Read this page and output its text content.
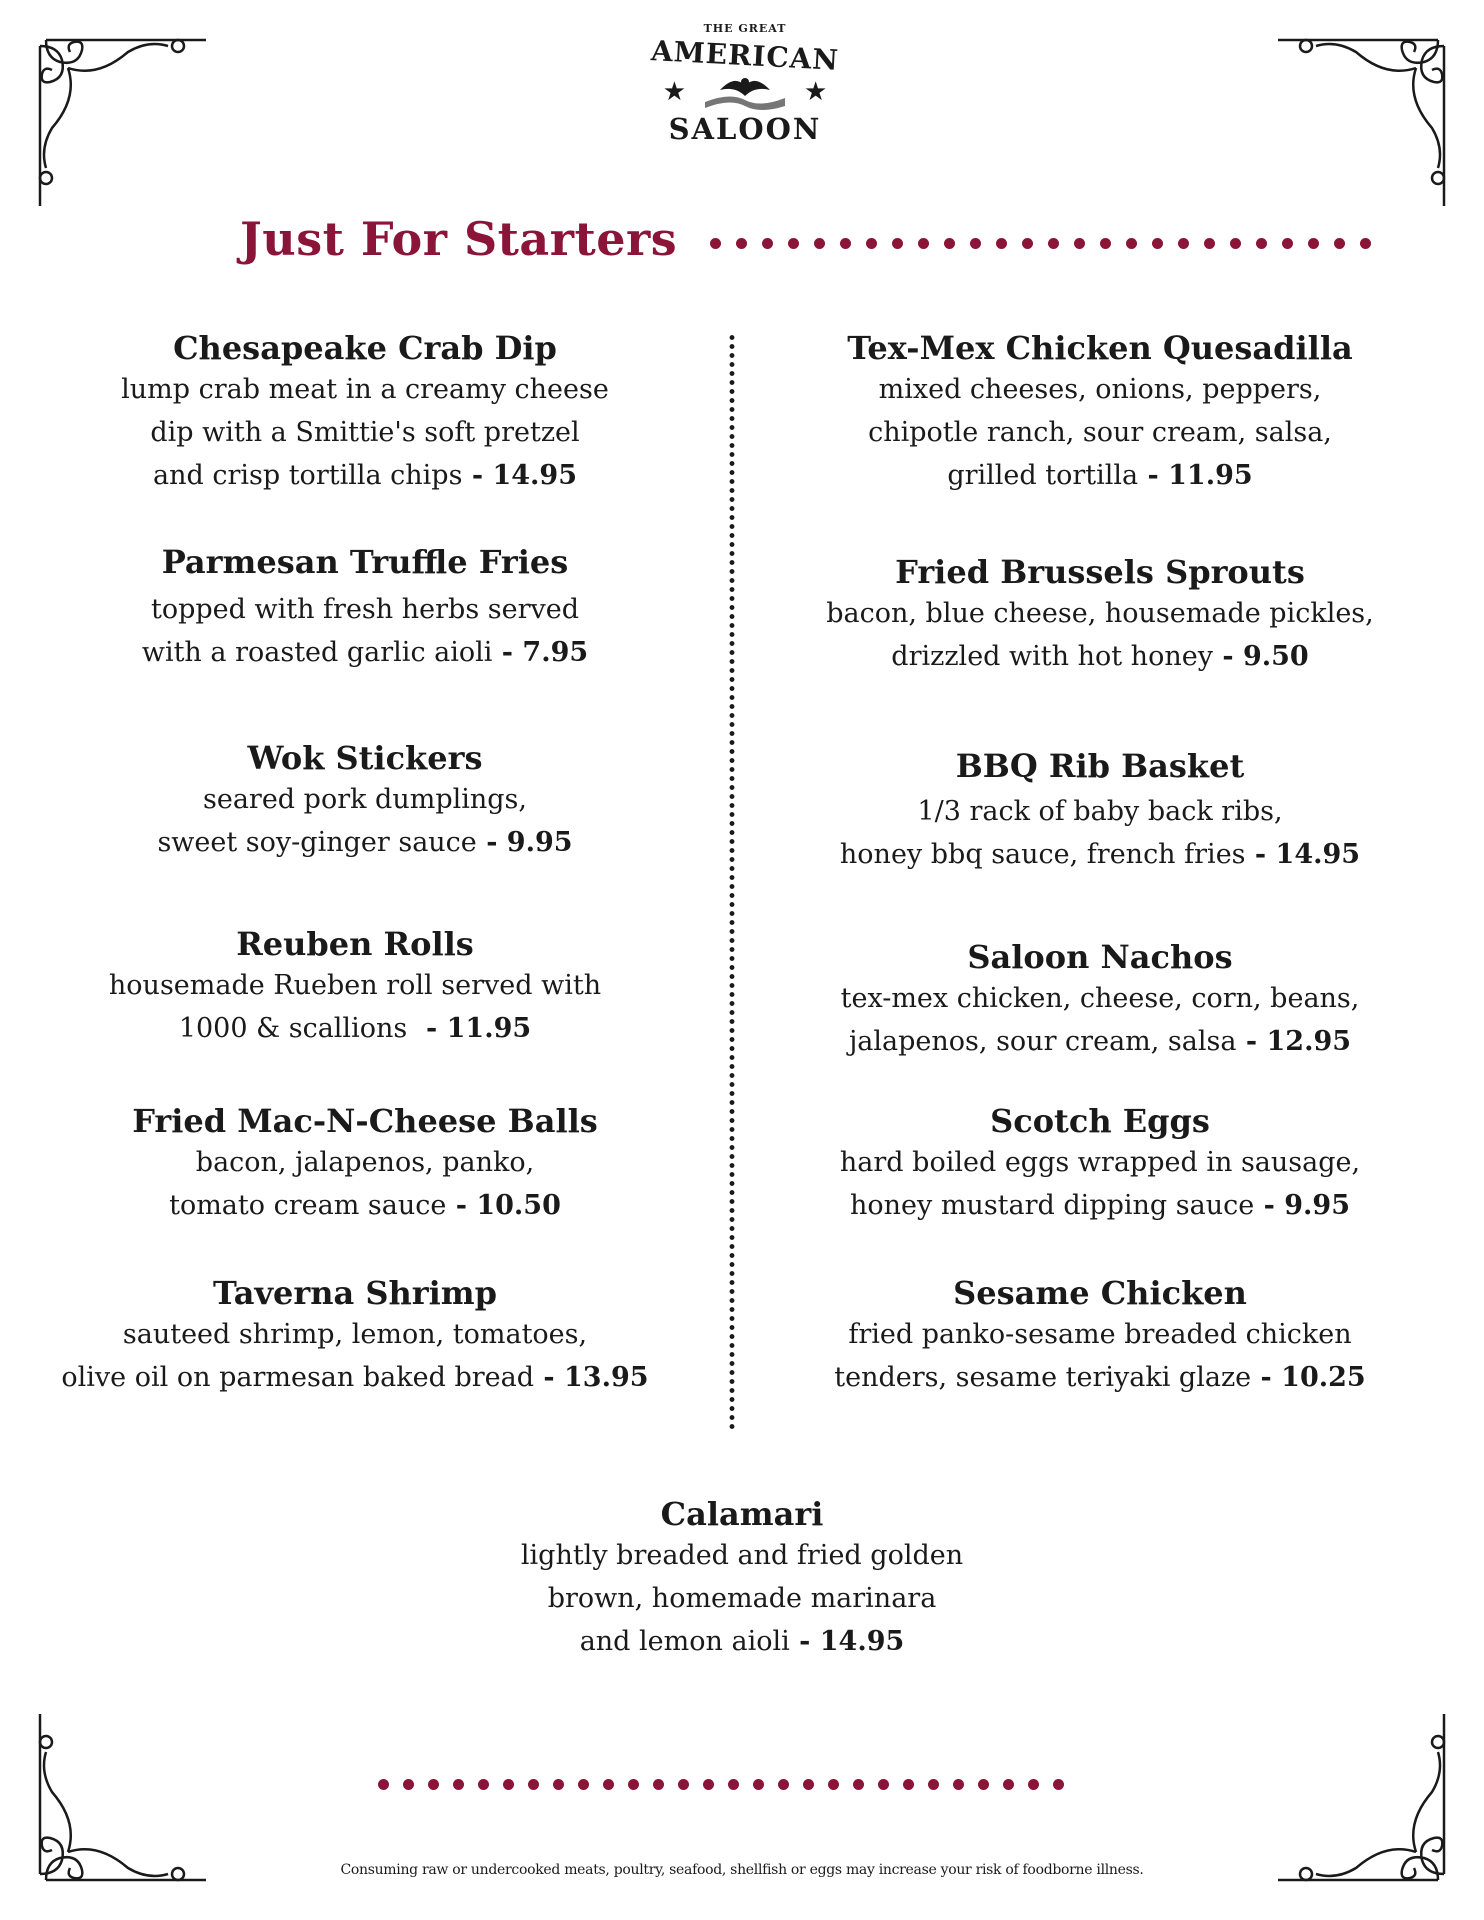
THE GREAT
AMERICAN
★	★
SALOON
Just For Starters
Chesapeake Crab Dip
lump crab meat in a creamy cheese
dip with a Smittie's soft pretzel
and crisp tortilla chips - 14.95
Parmesan Truffle Fries
topped with fresh herbs served
with a roasted garlic aioli - 7.95
Wok Stickers
seared pork dumplings,
sweet soy-ginger sauce - 9.95
Reuben Rolls
housemade Rueben roll served with
1000 & scallions  - 11.95
Fried Mac-N-Cheese Balls
bacon, jalapenos, panko,
tomato cream sauce - 10.50
Taverna Shrimp
sauteed shrimp, lemon, tomatoes,
olive oil on parmesan baked bread - 13.95
Tex-Mex Chicken Quesadilla
mixed cheeses, onions, peppers,
chipotle ranch, sour cream, salsa,
grilled tortilla - 11.95
Fried Brussels Sprouts
bacon, blue cheese, housemade pickles,
drizzled with hot honey - 9.50
BBQ Rib Basket
1/3 rack of baby back ribs,
honey bbq sauce, french fries - 14.95
Saloon Nachos
tex-mex chicken, cheese, corn, beans,
jalapenos, sour cream, salsa - 12.95
Scotch Eggs
hard boiled eggs wrapped in sausage,
honey mustard dipping sauce - 9.95
Sesame Chicken
fried panko-sesame breaded chicken
tenders, sesame teriyaki glaze - 10.25
Calamari
lightly breaded and fried golden
brown, homemade marinara
and lemon aioli - 14.95
Consuming raw or undercooked meats, poultry, seafood, shellfish or eggs may increase your risk of foodborne illness.
